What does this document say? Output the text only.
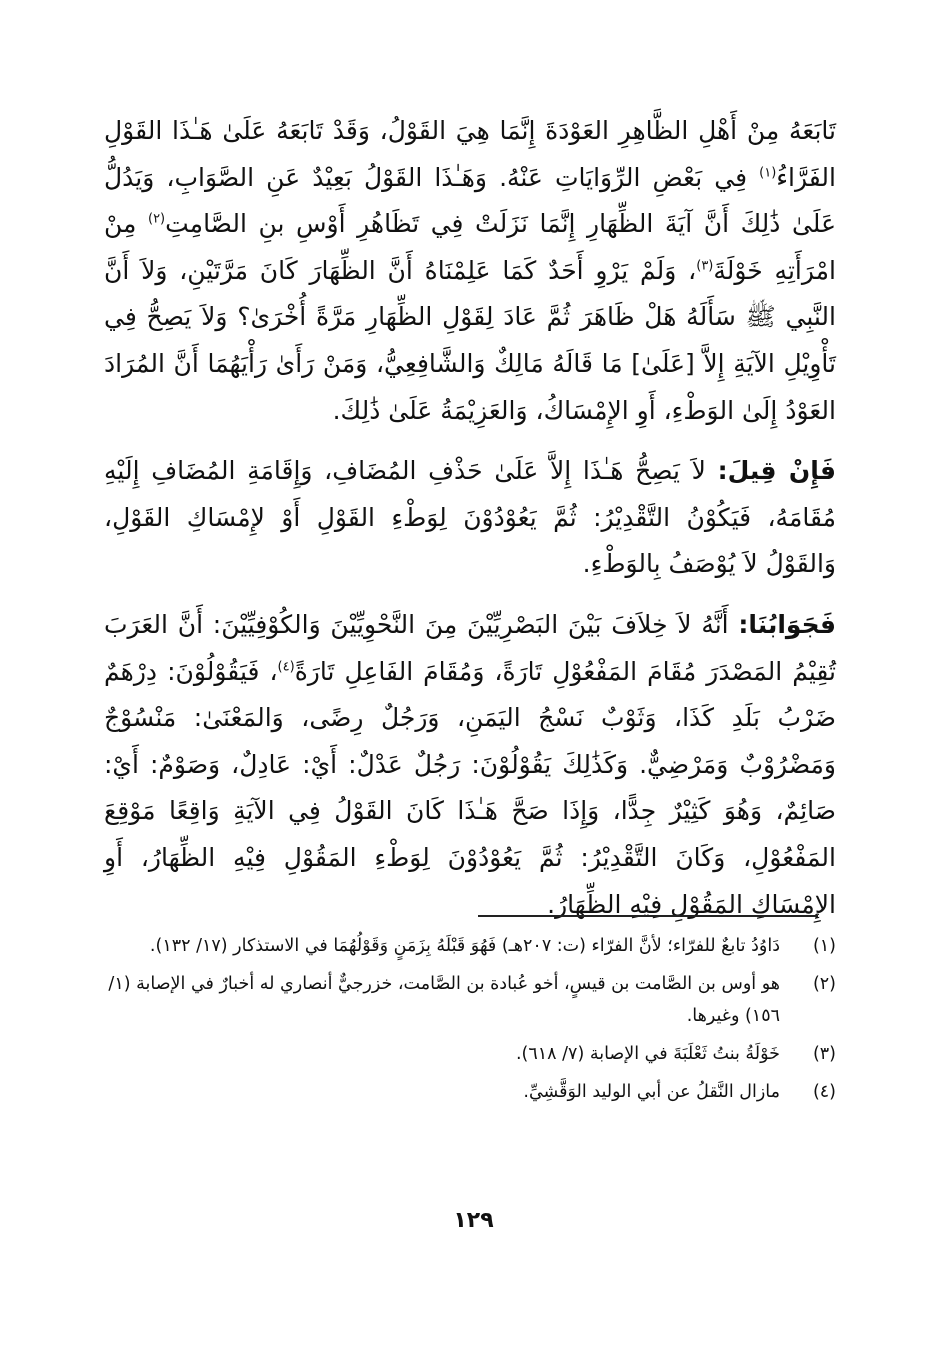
تَابَعَهُ مِنْ أَهْلِ الظَّاهِرِ العَوْدَةَ إِنَّمَا هِيَ القَوْلُ، وَقَدْ تَابَعَهُ عَلَىٰ هَـٰذَا القَوْلِ الفَرَّاءُ$^{(١)}$ فِي بَعْضِ الرِّوَايَاتِ عَنْهُ. وَهَـٰذَا القَوْلُ بَعِيْدٌ عَنِ الصَّوَابِ، وَيَدُلُّ عَلَىٰ ذَٰلِكَ أَنَّ آيَةَ الظِّهَارِ إِنَّمَا نَزَلَتْ فِي تَظَاهُرِ أَوْسِ بنِ الصَّامِتِ$^{(٢)}$ مِنْ امْرَأَتِهِ خَوْلَةَ$^{(٣)}$، وَلَمْ يَرْوِ أَحَدٌ كَمَا عَلِمْنَاهُ أَنَّ الظِّهَارَ كَانَ مَرَّتَيْنِ، وَلاَ أَنَّ النَّبِي ﷺ سَأَلَهُ هَلْ ظَاهَرَ ثُمَّ عَادَ لِقَوْلِ الظِّهَارِ مَرَّةً أُخْرَىٰ؟ وَلاَ يَصِحُّ فِي تَأْوِيْلِ الآيَةِ إِلاَّ [عَلَىٰ] مَا قَالَهُ مَالِكٌ وَالشَّافِعِيُّ، وَمَنْ رَأَىٰ رَأْيَهُمَا أَنَّ المُرَادَ العَوْدُ إِلَىٰ الوَطْءِ، أَوِ الإِمْسَاكُ، وَالعَزِيْمَةُ عَلَىٰ ذَٰلِكَ.

فَإِنْ قِيلَ: لاَ يَصِحُّ هَـٰذَا إِلاَّ عَلَىٰ حَذْفِ المُضَافِ، وَإِقَامَةِ المُضَافِ إِلَيْهِ مُقَامَهُ، فَيَكُوْنُ التَّقْدِيْرُ: ثُمَّ يَعُوْدُوْنَ لِوَطْءِ القَوْلِ أَوْ لإِمْسَاكِ القَوْلِ، وَالقَوْلُ لاَ يُوْصَفُ بِالوَطْءِ.

فَجَوَابُنَا: أَنَّهُ لاَ خِلاَفَ بَيْنَ البَصْرِيِّيْنَ مِنَ النَّحْوِيِّيْنَ وَالكُوْفِيِّيْنَ: أَنَّ العَرَبَ تُقِيْمُ المَصْدَرَ مُقَامَ المَفْعُوْلِ تَارَةً، وَمُقَامَ الفَاعِلِ تَارَةً$^{(٤)}$، فَيَقُوْلُوْنَ: دِرْهَمٌ ضَرْبُ بَلَدِ كَذَا، وَثَوْبٌ نَسْجُ اليَمَنِ، وَرَجُلٌ رِضًى، وَالمَعْنَىٰ: مَنْسُوْجٌ وَمَضْرُوْبٌ وَمَرْضِيٌّ. وَكَذَٰلِكَ يَقُوْلُوْنَ: رَجُلٌ عَدْلٌ: أَيْ: عَادِلٌ، وَصَوْمٌ: أَيْ: صَائِمٌ، وَهُوَ كَثِيْرٌ جِدًّا، وَإِذَا صَحَّ هَـٰذَا كَانَ القَوْلُ فِي الآيَةِ وَاقِعًا مَوْقِعَ المَفْعُوْلِ، وَكَانَ التَّقْدِيْرُ: ثُمَّ يَعُوْدُوْنَ لِوَطْءِ المَقُوْلِ فِيْهِ الظِّهَارُ، أَوِ الإِمْسَاكِ المَقُوْلِ فِيْهِ الظِّهَارُ.

(١)
دَاوُدُ تابعٌ للفرّاء؛ لأنَّ الفرّاء (ت: ٢٠٧هـ) فَهُوَ قَبْلَهُ بِزَمَنٍ وَقَوْلُهُمَا في الاستذكار (١٧/ ١٣٢).
(٢)
هو أوس بن الصَّامت بن قيسٍ، أخو عُبادة بن الصَّامت، خزرجيٌّ أنصاري له أخبارٌ في الإصابة (١/ ١٥٦) وغيرها.
(٣)
خَوْلَةُ بنتُ ثَعْلَبَةَ في الإصابة (٧/ ٦١٨).
(٤)
مازال النَّقلُ عن أبي الوليد الوَقَّشِيِّ.
١٢٩
